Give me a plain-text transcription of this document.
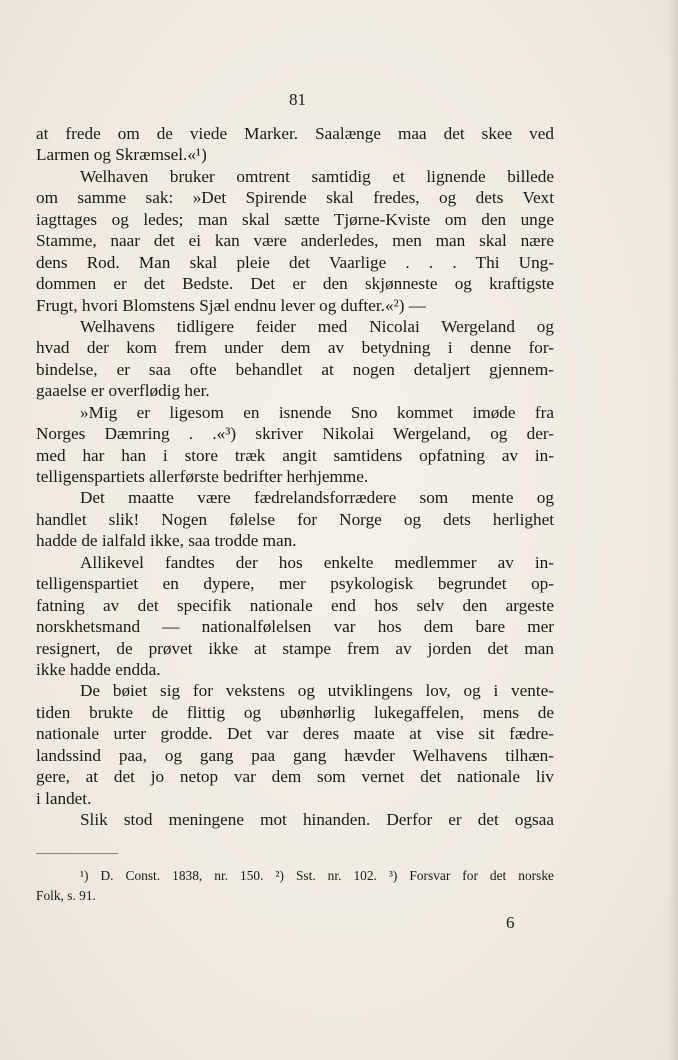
81
at frede om de viede Marker. Saalænge maa det skee ved
Larmen og Skræmsel.«¹)
Welhaven bruker omtrent samtidig et lignende billede
om samme sak: »Det Spirende skal fredes, og dets Vext
iagttages og ledes; man skal sætte Tjørne-Kviste om den unge
Stamme, naar det ei kan være anderledes, men man skal nære
dens Rod. Man skal pleie det Vaarlige . . . Thi Ung-
dommen er det Bedste. Det er den skjønneste og kraftigste
Frugt, hvori Blomstens Sjæl endnu lever og dufter.«²) —
Welhavens tidligere feider med Nicolai Wergeland og
hvad der kom frem under dem av betydning i denne for-
bindelse, er saa ofte behandlet at nogen detaljert gjennem-
gaaelse er overflødig her.
»Mig er ligesom en isnende Sno kommet imøde fra
Norges Dæmring . .«³) skriver Nikolai Wergeland, og der-
med har han i store træk angit samtidens opfatning av in-
telligenspartiets allerførste bedrifter herhjemme.
Det maatte være fædrelandsforrædere som mente og
handlet slik! Nogen følelse for Norge og dets herlighet
hadde de ialfald ikke, saa trodde man.
Allikevel fandtes der hos enkelte medlemmer av in-
telligenspartiet en dypere, mer psykologisk begrundet op-
fatning av det specifik nationale end hos selv den argeste
norskhetsmand — nationalfølelsen var hos dem bare mer
resignert, de prøvet ikke at stampe frem av jorden det man
ikke hadde endda.
De bøiet sig for vekstens og utviklingens lov, og i vente-
tiden brukte de flittig og ubønhørlig lukegaffelen, mens de
nationale urter grodde. Det var deres maate at vise sit fædre-
landssind paa, og gang paa gang hævder Welhavens tilhæn-
gere, at det jo netop var dem som vernet det nationale liv
i landet.
Slik stod meningene mot hinanden. Derfor er det ogsaa
¹) D. Const. 1838, nr. 150. ²) Sst. nr. 102. ³) Forsvar for det norske
Folk, s. 91.
6
